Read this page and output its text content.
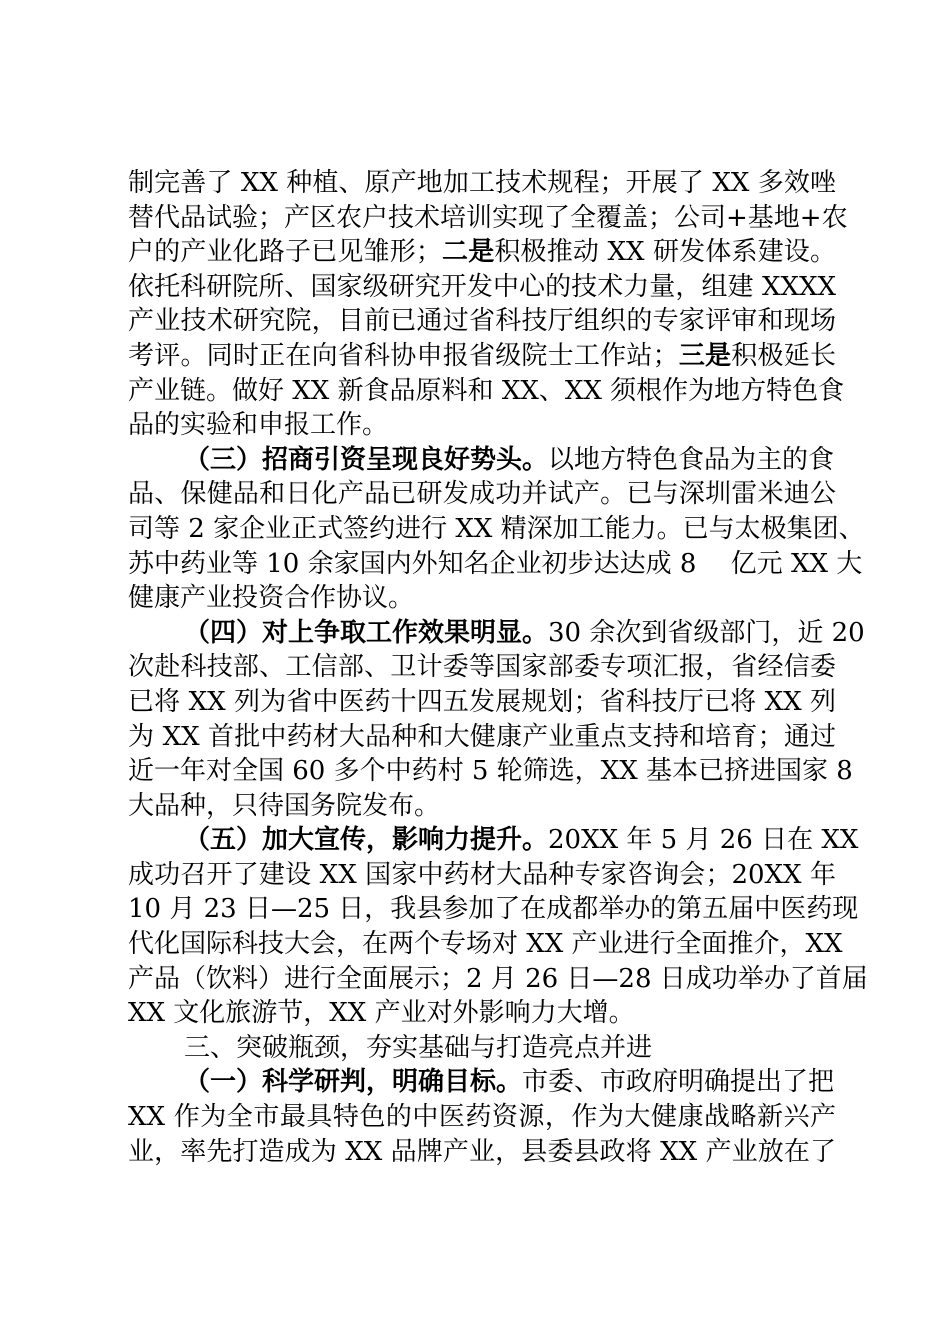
制完善了 XX 种植、原产地加工技术规程；开展了 XX 多效唑
替代品试验；产区农户技术培训实现了全覆盖；公司+基地+农
户的产业化路子已见雏形；二是积极推动 XX 研发体系建设。
依托科研院所、国家级研究开发中心的技术力量，组建 XXXX
产业技术研究院，目前已通过省科技厅组织的专家评审和现场
考评。同时正在向省科协申报省级院士工作站；三是积极延长
产业链。做好 XX 新食品原料和 XX、XX 须根作为地方特色食
品的实验和申报工作。
（三）招商引资呈现良好势头。以地方特色食品为主的食
品、保健品和日化产品已研发成功并试产。已与深圳雷米迪公
司等 2 家企业正式签约进行 XX 精深加工能力。已与太极集团、
苏中药业等 10 余家国内外知名企业初步达达成 8　 亿元 XX 大
健康产业投资合作协议。
（四）对上争取工作效果明显。30 余次到省级部门，近 20
次赴科技部、工信部、卫计委等国家部委专项汇报，省经信委
已将 XX 列为省中医药十四五发展规划；省科技厅已将 XX 列
为 XX 首批中药材大品种和大健康产业重点支持和培育；通过
近一年对全国 60 多个中药村 5 轮筛选，XX 基本已挤进国家 8
大品种，只待国务院发布。
（五）加大宣传，影响力提升。20XX 年 5 月 26 日在 XX
成功召开了建设 XX 国家中药材大品种专家咨询会；20XX 年
10 月 23 日—25 日，我县参加了在成都举办的第五届中医药现
代化国际科技大会，在两个专场对 XX 产业进行全面推介，XX
产品（饮料）进行全面展示；2 月 26 日—28 日成功举办了首届
XX 文化旅游节，XX 产业对外影响力大增。
三、突破瓶颈，夯实基础与打造亮点并进
（一）科学研判，明确目标。市委、市政府明确提出了把
XX 作为全市最具特色的中医药资源，作为大健康战略新兴产
业，率先打造成为 XX 品牌产业，县委县政将 XX 产业放在了
